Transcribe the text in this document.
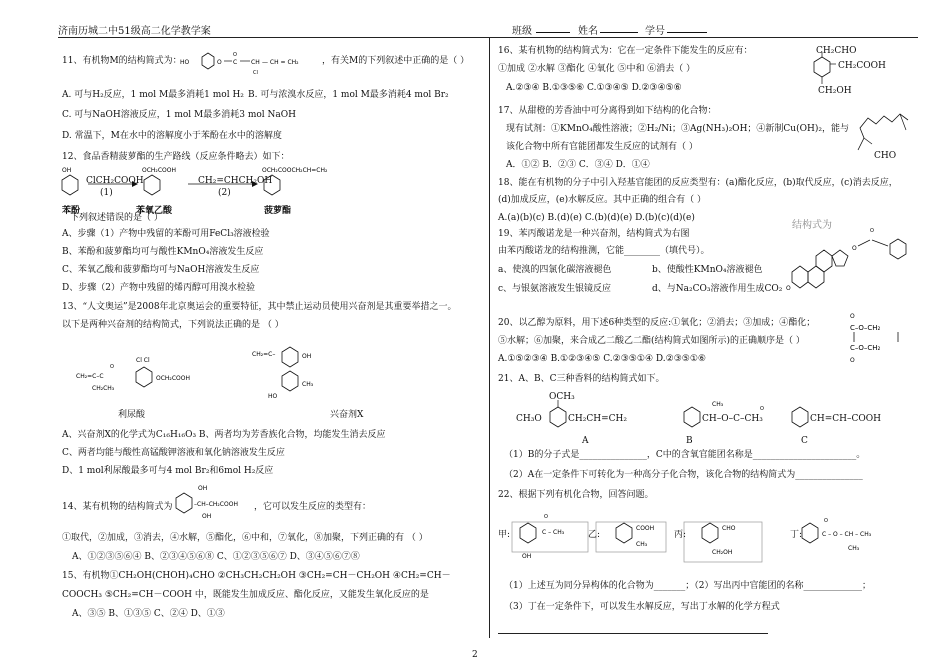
济南历城二中51级高二化学教学案	班级	姓名	学号

11、有机物M的结构简式为：

HO	O C
O
CH
Cl
— CH = CH₂	，有关M的下列叙述中正确的是（ ）

A. 可与H₂反应，1 mol M最多消耗1 mol H₂ B. 可与浓溴水反应，1 mol M最多消耗4 mol Br₂

C. 可与NaOH溶液反应，1 mol M最多消耗3 mol NaOH

D. 常温下，M在水中的溶解度小于苯酚在水中的溶解度

12、食品香精菠萝酯的生产路线（反应条件略去）如下：

OH	OCH₂COOH	OCH₂COOCH₂CH=CH₂

ClCH₂COOH

(1)

CH₂=CHCH₂OH

(2)

苯酚	苯氧乙酸	菠萝酯

下列叙述错误的是（ ）

A、步骤（1）产物中残留的苯酚可用FeCl₃溶液检验

B、苯酚和菠萝酯均可与酸性KMnO₄溶液发生反应

C、苯氧乙酸和菠萝酯均可与NaOH溶液发生反应

D、步骤（2）产物中残留的烯丙醇可用溴水检验

13、“人文奥运”是2008年北京奥运会的重要特征，其中禁止运动员使用兴奋剂是其重要举措之一。

以下是两种兴奋剂的结构简式，下列说法正确的是 （ ）

CH₂=C–C
CH₂CH₃
O
Cl Cl
OCH₂COOH
CH₂=C–	OH
HO
CH₃

利尿酸	兴奋剂X

A、兴奋剂X的化学式为C₁₆H₁₆O₃ B、两者均为芳香族化合物，均能发生消去反应

C、两者均能与酸性高锰酸钾溶液和氧化钠溶液发生反应

D、1 mol利尿酸最多可与4 mol Br₂和6mol H₂反应

14、某有机物的结构简式为

OH
–CH–CH₂COOH
OH

，它可以发生反应的类型有：

①取代，②加成，③消去，④水解，⑤酯化，⑥中和，⑦氧化，⑧加聚，下列正确的有 （ ）

A、①②③⑤⑥④ B、②③④⑤⑥⑧ C、①②③⑤⑥⑦ D、③④⑤⑥⑦⑧

15、有机物①CH₂OH(CHOH)₄CHO ②CH₃CH₂CH₂OH ③CH₂=CH－CH₂OH ④CH₂=CH－

COOCH₃ ⑤CH₂=CH－COOH 中，既能发生加成反应、酯化反应，又能发生氧化反应的是

A、③⑤ B、①③⑤ C、②④ D、①③

16、某有机物的结构简式为：它在一定条件下能发生的反应有：

①加成 ②水解 ③酯化 ④氧化 ⑤中和 ⑥消去（ ）

A.②③④ B.①③⑤⑥ C.①③④⑤ D.②③④⑤⑥

CH₂CHO

CH₂COOH

CH₂OH

17、从甜橙的芳香油中可分离得到如下结构的化合物：

现有试剂：①KMnO₄酸性溶液；②H₂/Ni；③Ag(NH₃)₂OH；④新制Cu(OH)₂，能与

该化合物中所有官能团都发生反应的试剂有（ ）

A．①② B．②③ C．③④ D．①④

CHO

18、能在有机物的分子中引入羟基官能团的反应类型有：(a)酯化反应，(b)取代反应，(c)消去反应，

(d)加成反应，(e)水解反应。其中正确的组合有（ ）

A.(a)(b)(c) B.(d)(e) C.(b)(d)(e) D.(b)(c)(d)(e)

19、苯丙酸诺龙是一种兴奋剂，结构简式为右图

由苯丙酸诺龙的结构推测，它能________（填代号）。

a、使溴的四氯化碳溶液褪色	b、使酸性KMnO₄溶液褪色

c、与银氨溶液发生银镜反应	d、与Na₂CO₃溶液作用生成CO₂ O
O
O

结构式为

20、以乙醇为原料，用下述6种类型的反应:①氧化；②消去；③加成；④酯化；

⑤水解；⑥加聚，来合成乙二酸乙二酯(结构简式如图所示)的正确顺序是（ ）

A.①⑤②③④ B.①②③④⑤ C.②③⑤①④ D.②③⑤①⑥

O
C–O–CH₂
C–O–CH₂
O

21、A、B、C三种香料的结构简式如下。

CH₃
O

OCH₃

CH₃O	CH₂CH=CH₂	CH–O–C–CH₃	CH=CH–COOH

A	B	C

（1）B的分子式是_______________，C中的含氧官能团名称是_______________________。

（2）A在一定条件下可转化为一种高分子化合物，该化合物的结构简式为_______________

22、根据下列有机化合物，回答问题。

C – CH₃
O
OH
COOH
CH₃
CHO
CH₂OH
C – O – CH – CH₃
O
CH₃

甲:	乙:	丙:	丁:

（1）上述互为同分异构体的化合物为_______；（2）写出丙中官能团的名称_____________；

（3）丁在一定条件下，可以发生水解反应，写出丁水解的化学方程式

2
